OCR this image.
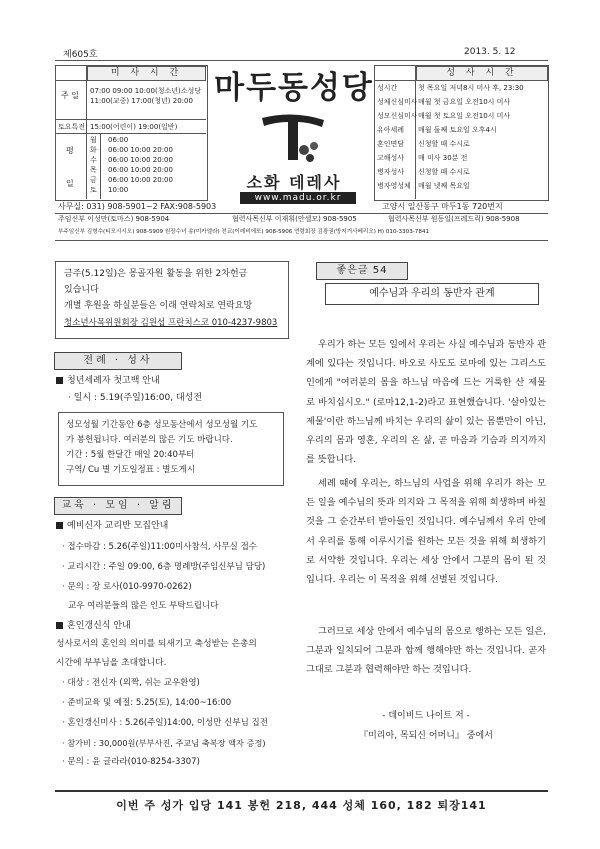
제605호	2013. 5. 12
미 사 시 간
주 일 07:00 09:00 10:00(청소년)소성당
11:00(교중) 17:00(청년) 20:00
토요특전 15:00(어린이) 19:00(일반)
평
일
월 06:00
화 06:00 10:00 20:00
수 06:00 10:00 20:00
목 06:00 10:00 20:00
금 06:00 10:00 20:00
토 10:00
마두동성당
소화 데레사
www.madu.or.kr
성 사 시 간
성시간	첫 목요일 저녁8시 미사 후, 23:30
성체신심미사 매월 첫 금요일 오전10시 미사
성모신심미사 매월 첫 토요일 오전10시 미사
유아세례 매월 둘째 토요일 오후4시
혼인면담 신청할 때 수시로
고해성사 매 미사 30분 전
병자성사 신청할 때 수시로
병자영성체 매월 넷째 목요일
사무실: 031) 908-5901~2 FAX:908-5903	고양시 일산동구 마두1동 720번지
주임신부 이성만(토마스) 908-5904	협력사목신부 이재휘(안셀모) 908-5905	협력사목신부 원동일(프레드릭) 908-5908
부주임신부 김형수(티모시시오) 908-5909 원장수녀 송(미카엘라) 전교(이레비에또) 908-5906 연령회장 김광권(방지거사베리오) H) 010-3303-7841
금주(5.12일)은 몽골자원 활동을 위한 2차헌금
있습니다
개별 후원을 하실분들은 이래 연락처로 연락요망
청소년사목위원회장 김원섭 프란치스코 010-4237-9803
전례 · 성사
청년세례자 첫고백 안내
· 일시 : 5.19(주일)16:00, 대성전
성모성월 기간동안 6층 성모동산에서 성모성월 기도
가 봉헌됩니다. 여러분의 많은 기도 바랍니다.
기간 : 5월 한달간 매일 20:40부터
구역/ Cu 별 기도일정표 : 별도게시
교육 · 모임 · 알림
예비신자 교리반 모집안내
· 접수마감 : 5.26(주일)11:00미사참석, 사무실 접수
· 교리시간 : 주일 09:00, 6층 명례방(주임신부님 담당)
· 문의 : 장 로사(010-9970-0262)
교우 여러분들의 많은 인도 부탁드립니다
혼인갱신식 안내
성사로서의 혼인의 의미를 되새기고 축성받는 은총의
시간에 부부님을 초대합니다.
· 대상 : 전신자 (외짝, 쉬는 교우환영)
· 준비교육 및 예절: 5.25(토), 14:00~16:00
· 혼인갱신미사 : 5.26(주일)14:00, 이성만 신부님 집전
· 참가비 : 30,000원(부부사진, 주교님 축복장 액자 증정)
· 문의 : 윤 글라라(010-8254-3307)
좋은글 54
예수님과 우리의 동반자 관계
우리가 하는 모든 일에서 우리는 사실 예수님과 동반자 관계에 있다는 것입니다. 바오로 사도도 로마에 있는 그리스도인에게 "여러분의 몸을 하느님 마음에 드는 거룩한 산 제물로 바치십시오." (로마12,1-2)라고 표현했습니다. '살아있는 제물'이란 하느님께 바치는 우리의 삶이 있는 몸뿐만이 아닌, 우리의 몸과 영혼, 우리의 온 삶, 곧 마음과 기슴과 의지까지를 뜻합니다.
세례 때에 우리는, 하느님의 사업을 위해 우리가 하는 모든 일을 예수님의 뜻과 의지와 그 목적을 위해 희생하며 바칠 것을 그 순간부터 받아들인 것입니다. 예수님께서 우리 안에서 우리를 통해 이루시기를 원하는 모든 것을 위해 희생하기로 서약한 것입니다. 우리는 세상 안에서 그분의 몸이 된 것입니다. 우리는 이 목적을 위해 선별된 것입니다.
그러므로 세상 안에서 예수님의 몸으로 행하는 모든 일은, 그분과 일치되어 그분과 함께 행해야만 하는 것입니다. 곧자 그대로 그분과 협력해야만 하는 것입니다.
- 데이비드 나이트 저 -
『미리아, 목되신 어머니』 중에서
이번 주 성가 입당 141 봉헌 218, 444 성체 160, 182 퇴장141
